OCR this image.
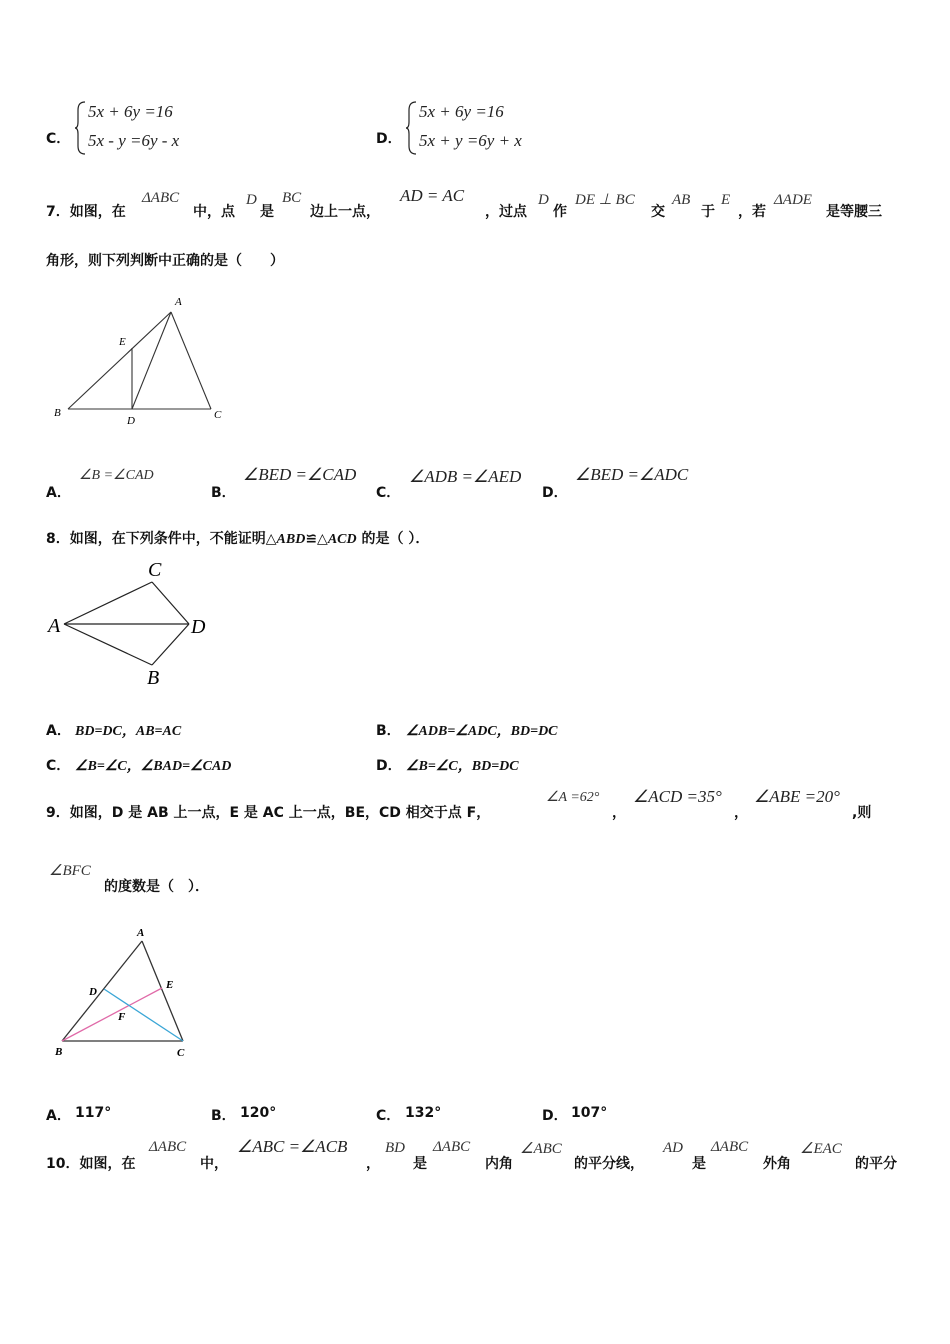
C．
5x + 6y =16
5x - y =6y - x	D．
5x + 6y =16
5x + y =6y + x
7．如图，在
ΔABC
中，点
D
是
BC
边上一点，
AD = AC
，过点
D
作
DE ⊥ BC
交
AB
于
E
，若
ΔADE
是等腰三
角形，则下列判断中正确的是（　　）
A
E
B
D	C
A．
∠B =∠CAD
B．
∠BED =∠CAD
C．
∠ADB =∠AED
D．
∠BED =∠ADC
8．如图，在下列条件中，不能证明△ABD≌△ACD 的是（ ）．
C
A	D
B
A． BD=DC，AB=AC	B． ∠ADB=∠ADC，BD=DC
C． ∠B=∠C，∠BAD=∠CAD	D． ∠B=∠C，BD=DC
9．如图，D 是 AB 上一点，E 是 AC 上一点，BE，CD 相交于点 F，
∠A =62°
，
∠ACD =35°
，
∠ABE =20°
,则
∠BFC
的度数是（　）．
A
D
E
F
B	C
A． 117°	B． 120°	C． 132°	D． 107°
10．如图，在
ΔABC
中，
∠ABC =∠ACB
，
BD
是
ΔABC
内角
∠ABC
的平分线，
AD
是
ΔABC
外角
∠EAC
的平分
